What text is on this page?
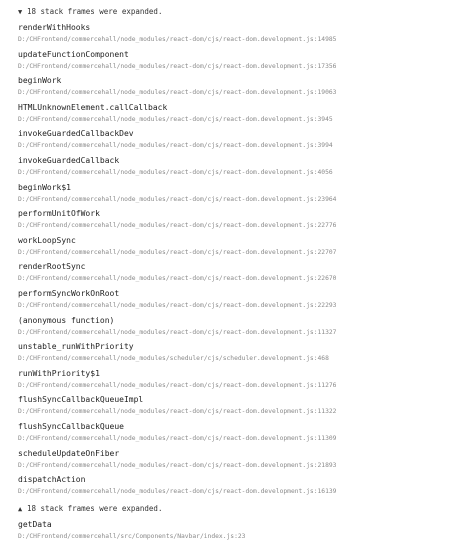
▼ 18 stack frames were expanded.
renderWithHooks
D:/CHFrontend/commercehall/node_modules/react-dom/cjs/react-dom.development.js:14985
updateFunctionComponent
D:/CHFrontend/commercehall/node_modules/react-dom/cjs/react-dom.development.js:17356
beginWork
D:/CHFrontend/commercehall/node_modules/react-dom/cjs/react-dom.development.js:19063
HTMLUnknownElement.callCallback
D:/CHFrontend/commercehall/node_modules/react-dom/cjs/react-dom.development.js:3945
invokeGuardedCallbackDev
D:/CHFrontend/commercehall/node_modules/react-dom/cjs/react-dom.development.js:3994
invokeGuardedCallback
D:/CHFrontend/commercehall/node_modules/react-dom/cjs/react-dom.development.js:4056
beginWork$1
D:/CHFrontend/commercehall/node_modules/react-dom/cjs/react-dom.development.js:23964
performUnitOfWork
D:/CHFrontend/commercehall/node_modules/react-dom/cjs/react-dom.development.js:22776
workLoopSync
D:/CHFrontend/commercehall/node_modules/react-dom/cjs/react-dom.development.js:22707
renderRootSync
D:/CHFrontend/commercehall/node_modules/react-dom/cjs/react-dom.development.js:22670
performSyncWorkOnRoot
D:/CHFrontend/commercehall/node_modules/react-dom/cjs/react-dom.development.js:22293
(anonymous function)
D:/CHFrontend/commercehall/node_modules/react-dom/cjs/react-dom.development.js:11327
unstable_runWithPriority
D:/CHFrontend/commercehall/node_modules/scheduler/cjs/scheduler.development.js:468
runWithPriority$1
D:/CHFrontend/commercehall/node_modules/react-dom/cjs/react-dom.development.js:11276
flushSyncCallbackQueueImpl
D:/CHFrontend/commercehall/node_modules/react-dom/cjs/react-dom.development.js:11322
flushSyncCallbackQueue
D:/CHFrontend/commercehall/node_modules/react-dom/cjs/react-dom.development.js:11309
scheduleUpdateOnFiber
D:/CHFrontend/commercehall/node_modules/react-dom/cjs/react-dom.development.js:21893
dispatchAction
D:/CHFrontend/commercehall/node_modules/react-dom/cjs/react-dom.development.js:16139
▲ 18 stack frames were expanded.
getData
D:/CHFrontend/commercehall/src/Components/Navbar/index.js:23
